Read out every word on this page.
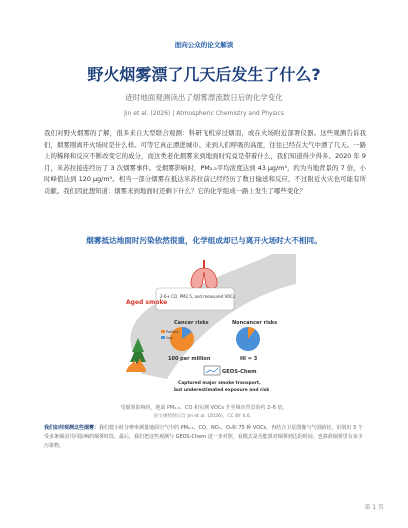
面向公众的论文解读
野火烟雾漂了几天后发生了什么?
迹时地面观测读出了烟雾漂流数日后的化学变化
Jin et al. (2026) | Atmospheric Chemistry and Physics
我们对野火烟雾的了解，很多来自大型联合观测：科研飞机穿过烟羽，或在火场附近部署仪器。这些观测告诉我们，烟雾刚离开火场时是什么样。可等它真正漂进城市、来到人们呼吸的高度，往往已经在大气中漂了几天。一路上的稀释和反应不断改变它的成分，而这类老化烟雾来到地面时究竟是带着什么，我们知道得少得多。2020 年 9 月，米苏拉接连经历了 3 次烟雾事件。受烟雾影响时，PM₂.₅平均浓度达到 43 μg/m³，约为当地背景的 7 倍，小时峰值达到 120 μg/m³。相当一部分烟雾在抵达米苏拉前已经经历了数日输送和反应，不过附近火灾也可能有所贡献。我们因此想知道：烟雾来到地面时还剩下什么？它的化学组成一路上发生了哪些变化？
烟雾抵达地面时污染依然很重，化学组成却已与离开火场时大不相同。
2-6+ CO, PM2.5, and measured VOCs
Aged smoke
Cancer risks
Particle
Gas
100 per million
Noncancer risks
HI = 3
GEOS-Chem
Captured major smoke transport,
but underestimated exposure and risk
受烟雾影响时，地面 PM₂.₅、CO 和实测 VOCs 升至城市背景的约 2–6 倍。
论文重绘图示自 Jin et al. (2026)，CC BY 4.0。
我们如何观测这些烟雾：我们建小时分辨率测量地面空气中的 PM₂.₅、CO、NOₓ、O₃和 75 种 VOCs，再结合卫星图像与气团路径，识别出 3 个受多条烟羽共同影响的烟雾时段。最后，我们把这些观测与 GEOS-Chem 进一步对照，看模式是否能算对烟雾到达的时间，也算准烟雾里有多少污染物。
第 1 页
